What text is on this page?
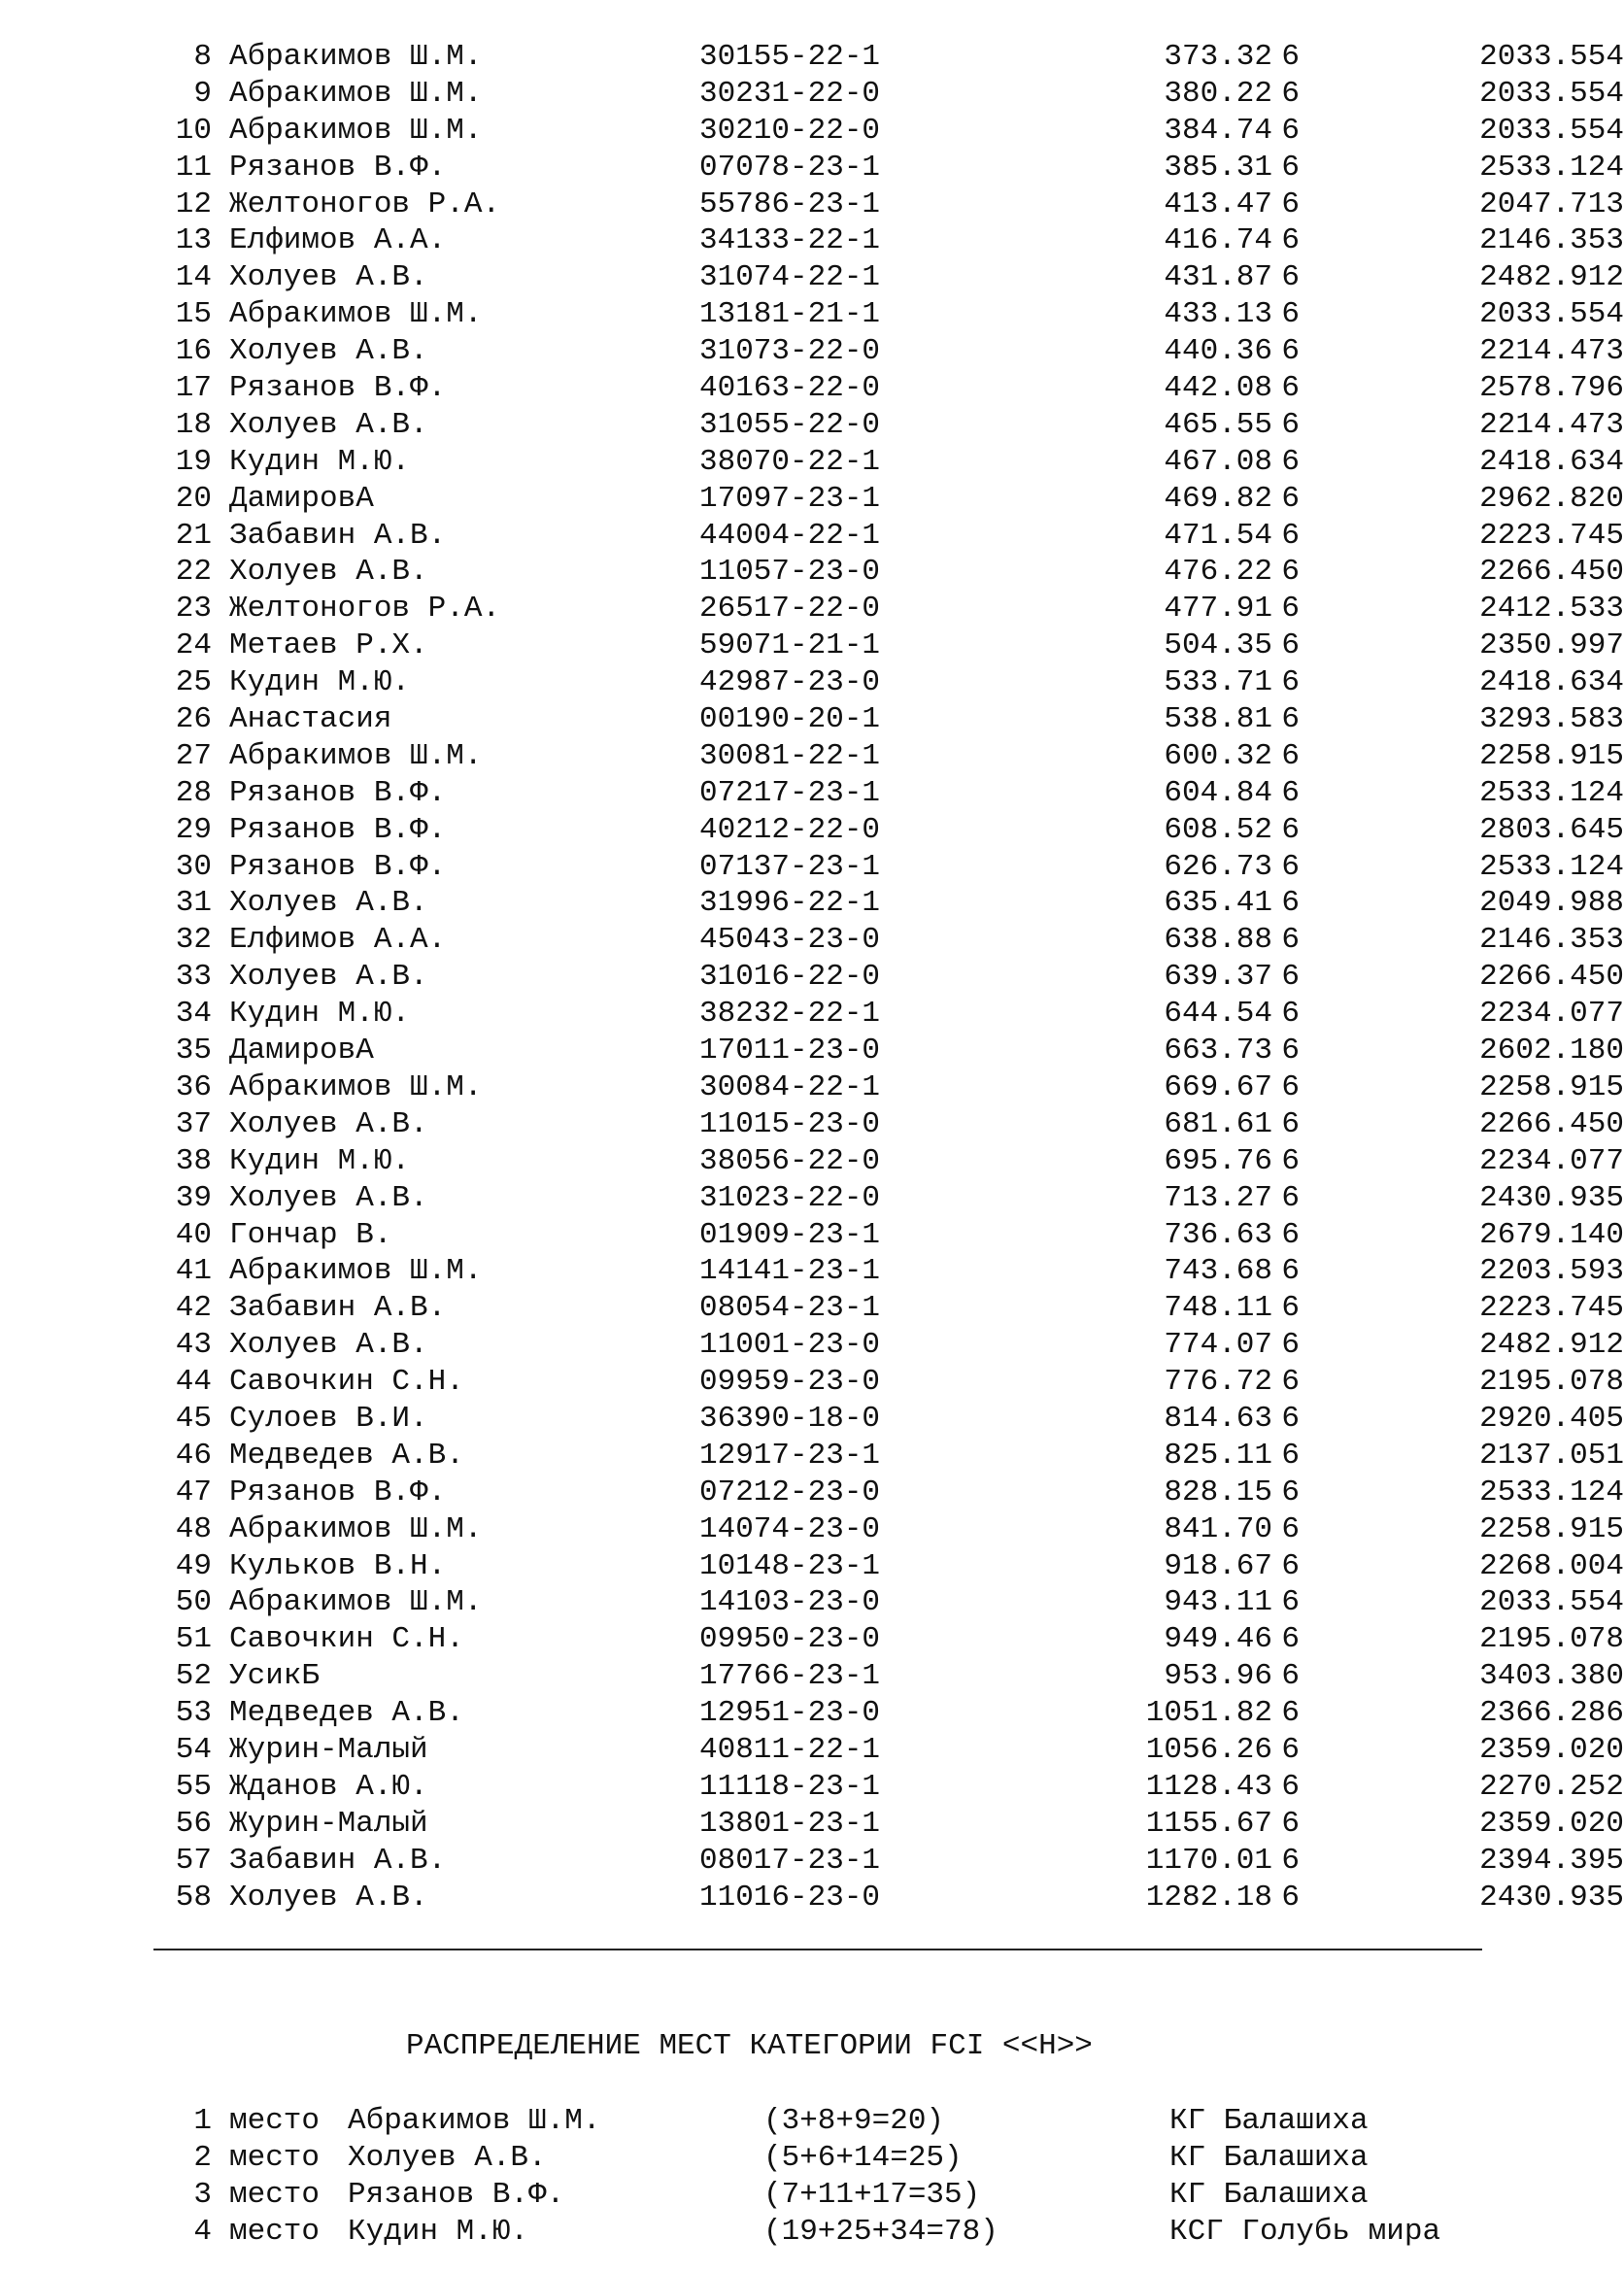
8 Абракимов Ш.М.	30155-22-1	373.32 6	2033.554
9 Абракимов Ш.М.	30231-22-0	380.22 6	2033.554
10 Абракимов Ш.М.	30210-22-0	384.74 6	2033.554
11 Рязанов В.Ф.	07078-23-1	385.31 6	2533.124
12 Желтоногов Р.А.	55786-23-1	413.47 6	2047.713
13 Елфимов А.А.	34133-22-1	416.74 6	2146.353
14 Холуев А.В.	31074-22-1	431.87 6	2482.912
15 Абракимов Ш.М.	13181-21-1	433.13 6	2033.554
16 Холуев А.В.	31073-22-0	440.36 6	2214.473
17 Рязанов В.Ф.	40163-22-0	442.08 6	2578.796
18 Холуев А.В.	31055-22-0	465.55 6	2214.473
19 Кудин М.Ю.	38070-22-1	467.08 6	2418.634
20 ДамировА	17097-23-1	469.82 6	2962.820
21 Забавин А.В.	44004-22-1	471.54 6	2223.745
22 Холуев А.В.	11057-23-0	476.22 6	2266.450
23 Желтоногов Р.А.	26517-22-0	477.91 6	2412.533
24 Метаев Р.Х.	59071-21-1	504.35 6	2350.997
25 Кудин М.Ю.	42987-23-0	533.71 6	2418.634
26 Анастасия	00190-20-1	538.81 6	3293.583
27 Абракимов Ш.М.	30081-22-1	600.32 6	2258.915
28 Рязанов В.Ф.	07217-23-1	604.84 6	2533.124
29 Рязанов В.Ф.	40212-22-0	608.52 6	2803.645
30 Рязанов В.Ф.	07137-23-1	626.73 6	2533.124
31 Холуев А.В.	31996-22-1	635.41 6	2049.988
32 Елфимов А.А.	45043-23-0	638.88 6	2146.353
33 Холуев А.В.	31016-22-0	639.37 6	2266.450
34 Кудин М.Ю.	38232-22-1	644.54 6	2234.077
35 ДамировА	17011-23-0	663.73 6	2602.180
36 Абракимов Ш.М.	30084-22-1	669.67 6	2258.915
37 Холуев А.В.	11015-23-0	681.61 6	2266.450
38 Кудин М.Ю.	38056-22-0	695.76 6	2234.077
39 Холуев А.В.	31023-22-0	713.27 6	2430.935
40 Гончар В.	01909-23-1	736.63 6	2679.140
41 Абракимов Ш.М.	14141-23-1	743.68 6	2203.593
42 Забавин А.В.	08054-23-1	748.11 6	2223.745
43 Холуев А.В.	11001-23-0	774.07 6	2482.912
44 Савочкин С.Н.	09959-23-0	776.72 6	2195.078
45 Сулоев В.И.	36390-18-0	814.63 6	2920.405
46 Медведев А.В.	12917-23-1	825.11 6	2137.051
47 Рязанов В.Ф.	07212-23-0	828.15 6	2533.124
48 Абракимов Ш.М.	14074-23-0	841.70 6	2258.915
49 Кульков В.Н.	10148-23-1	918.67 6	2268.004
50 Абракимов Ш.М.	14103-23-0	943.11 6	2033.554
51 Савочкин С.Н.	09950-23-0	949.46 6	2195.078
52 УсикБ	17766-23-1	953.96 6	3403.380
53 Медведев А.В.	12951-23-0	1051.82 6	2366.286
54 Журин-Малый	40811-22-1	1056.26 6	2359.020
55 Жданов А.Ю.	11118-23-1	1128.43 6	2270.252
56 Журин-Малый	13801-23-1	1155.67 6	2359.020
57 Забавин А.В.	08017-23-1	1170.01 6	2394.395
58 Холуев А.В.	11016-23-0	1282.18 6	2430.935
РАСПРЕДЕЛЕНИЕ МЕСТ КАТЕГОРИИ FCI <<H>>
1 место Абракимов Ш.М.	(3+8+9=20)	КГ Балашиха
2 место Холуев А.В.	(5+6+14=25)	КГ Балашиха
3 место Рязанов В.Ф.	(7+11+17=35)	КГ Балашиха
4 место Кудин М.Ю.	(19+25+34=78)	КСГ Голубь мира
